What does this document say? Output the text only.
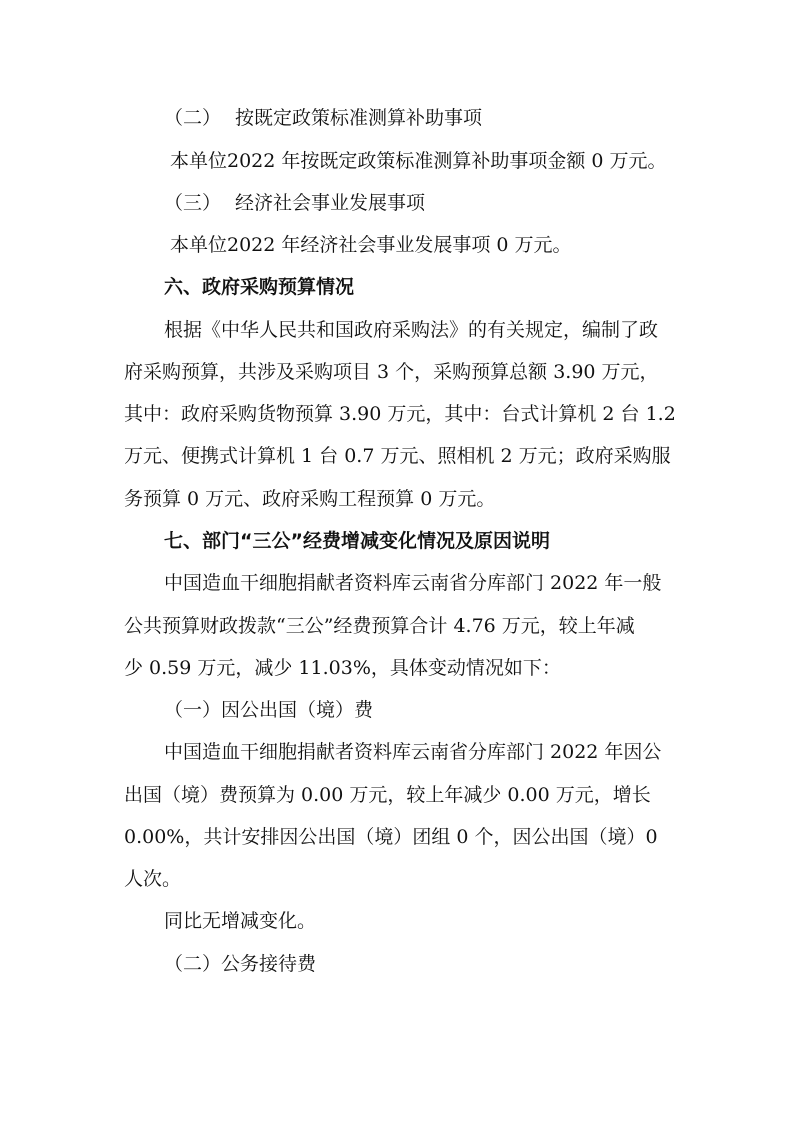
（二） 按既定政策标准测算补助事项
本单位2022 年按既定政策标准测算补助事项金额 0 万元。
（三） 经济社会事业发展事项
本单位2022 年经济社会事业发展事项 0 万元。
六、政府采购预算情况
根据《中华人民共和国政府采购法》的有关规定，编制了政
府采购预算，共涉及采购项目 3 个，采购预算总额 3.90 万元，
其中：政府采购货物预算 3.90 万元，其中：台式计算机 2 台 1.2
万元、便携式计算机 1 台 0.7 万元、照相机 2 万元；政府采购服
务预算 0 万元、政府采购工程预算 0 万元。
七、部门“三公”经费增减变化情况及原因说明
中国造血干细胞捐献者资料库云南省分库部门 2022 年一般
公共预算财政拨款“三公”经费预算合计 4.76 万元，较上年减
少 0.59 万元，减少 11.03%，具体变动情况如下：
（一）因公出国（境）费
中国造血干细胞捐献者资料库云南省分库部门 2022 年因公
出国（境）费预算为 0.00 万元，较上年减少 0.00 万元，增长
0.00%，共计安排因公出国（境）团组 0 个，因公出国（境）0
人次。
同比无增减变化。
（二）公务接待费
